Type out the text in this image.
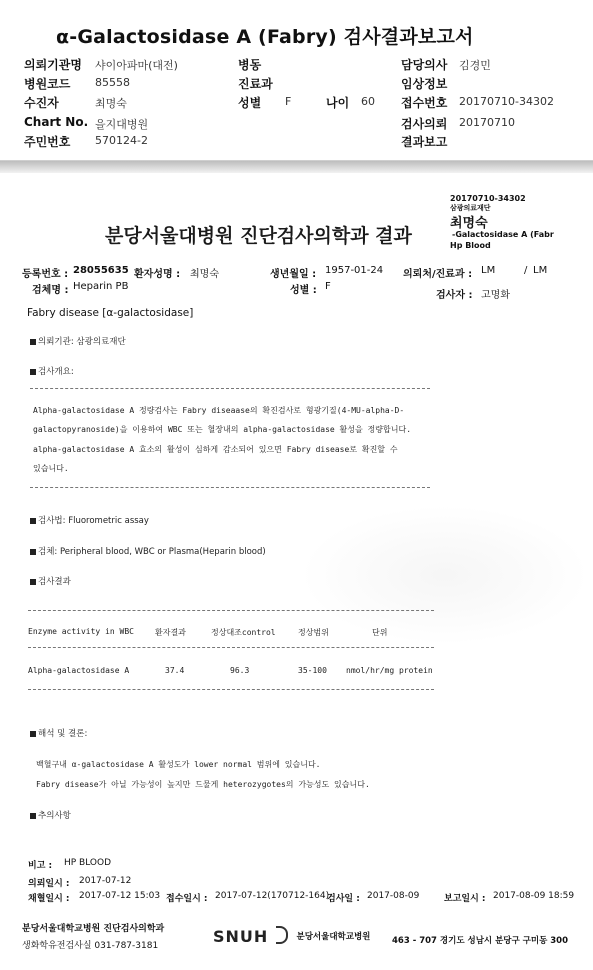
α-Galactosidase A (Fabry) 검사결과보고서
의뢰기관명 샤이아파마(대전)	병동	담당의사 김경민
병원코드 85558	진료과	임상정보
수진자	최명숙	성별 F	나이 60 접수번호 20170710-34302
Chart No. 을지대병원	검사의뢰 20170710
주민번호 570124-2	결과보고
20170710-34302
삼광의료재단
최명숙
-Galactosidase A (Fabr
Hp Blood
분당서울대병원 진단검사의학과 결과
등록번호 : 28055635 환자성명 : 최명숙	생년월일 : 1957-01-24 의뢰처/진료과 : LM	/ LM
검체명 : Heparin PB	성별 : F
검사자 : 고명화
Fabry disease [α-galactosidase]
의뢰기관: 삼광의료재단
검사개요:
Alpha-galactosidase A 정량검사는 Fabry diseaase의 확진검사로 형광기질(4-MU-alpha-D-
galactopyranoside)을 이용하여 WBC 또는 혈장내의 alpha-galactosidase 활성을 정량합니다.
alpha-galactosidase A 효소의 활성이 심하게 감소되어 있으면 Fabry disease로 확진할 수
있습니다.
검사법: Fluorometric assay
검체: Peripheral blood, WBC or Plasma(Heparin blood)
검사결과
Enzyme activity in WBC	환자결과	정상대조control	정상범위	단위
Alpha-galactosidase A	37.4	96.3	35-100 nmol/hr/mg protein
해석 및 결론:
백혈구내 α-galactosidase A 활성도가 lower normal 범위에 있습니다.
Fabry disease가 아닐 가능성이 높지만 드물게 heterozygotes의 가능성도 있습니다.
추의사항
비고 : HP BLOOD
의뢰일시 : 2017-07-12
채혈일시 : 2017-07-12 15:03 접수일시 : 2017-07-12(170712-164)
검사일 : 2017-08-09	보고일시 : 2017-08-09 18:59
분당서울대학교병원 진단검사의학과
생화학유전검사실 031-787-3181	SNUH	분당서울대학교병원	463 - 707 경기도 성남시 분당구 구미동 300
